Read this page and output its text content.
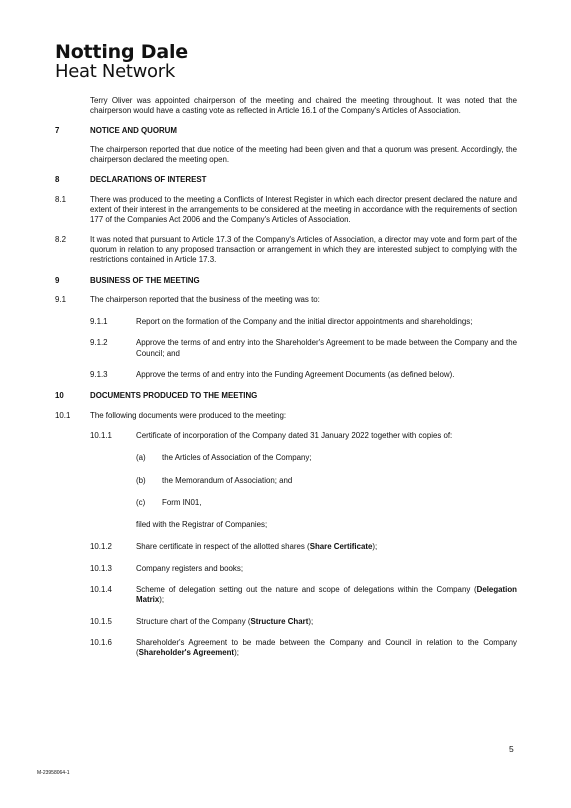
Notting Dale
Heat Network

Terry Oliver was appointed chairperson of the meeting and chaired the meeting throughout. It was noted that the chairperson would have a casting vote as reflected in Article 16.1 of the Company's Articles of Association.

7	NOTICE AND QUORUM

The chairperson reported that due notice of the meeting had been given and that a quorum was present. Accordingly, the chairperson declared the meeting open.

8	DECLARATIONS OF INTEREST
8.1	There was produced to the meeting a Conflicts of Interest Register in which each director present declared the nature and extent of their interest in the arrangements to be considered at the meeting in accordance with the requirements of section 177 of the Companies Act 2006 and the Company's Articles of Association.
8.2	It was noted that pursuant to Article 17.3 of the Company's Articles of Association, a director may vote and form part of the quorum in relation to any proposed transaction or arrangement in which they are interested subject to complying with the restrictions contained in Article 17.3.
9	BUSINESS OF THE MEETING
9.1	The chairperson reported that the business of the meeting was to:
9.1.1	Report on the formation of the Company and the initial director appointments and shareholdings;
9.1.2	Approve the terms of and entry into the Shareholder's Agreement to be made between the Company and the Council; and
9.1.3	Approve the terms of and entry into the Funding Agreement Documents (as defined below).
10	DOCUMENTS PRODUCED TO THE MEETING
10.1	The following documents were produced to the meeting:
10.1.1	Certificate of incorporation of the Company dated 31 January 2022 together with copies of:
(a)	the Articles of Association of the Company;
(b)	the Memorandum of Association; and
(c)	Form IN01,

filed with the Registrar of Companies;

10.1.2	Share certificate in respect of the allotted shares (Share Certificate);
10.1.3	Company registers and books;
10.1.4	Scheme of delegation setting out the nature and scope of delegations within the Company (Delegation Matrix);
10.1.5	Structure chart of the Company (Structure Chart);
10.1.6	Shareholder's Agreement to be made between the Company and Council in relation to the Company (Shareholder's Agreement);
5
M-23958064-1
